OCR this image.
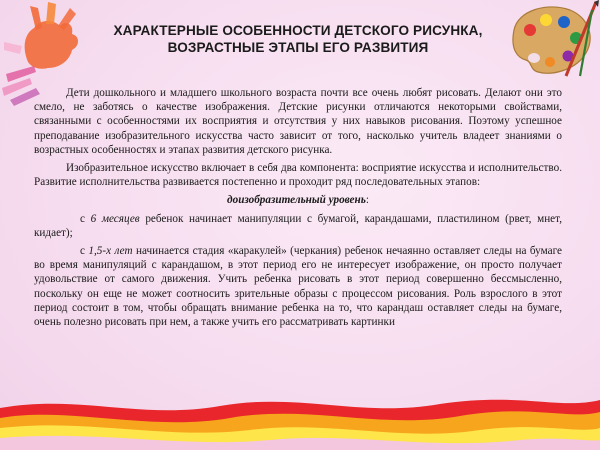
ХАРАКТЕРНЫЕ ОСОБЕННОСТИ ДЕТСКОГО РИСУНКА,
ВОЗРАСТНЫЕ ЭТАПЫ ЕГО РАЗВИТИЯ

Дети дошкольного и младшего школьного возраста почти все очень любят рисовать. Делают они это смело, не заботясь о качестве изображения. Детские рисунки отличаются некоторыми свойствами, связанными с особенностями их восприятия и отсутствия у них навыков рисования. Поэтому успешное преподавание изобразительного искусства часто зависит от того, насколько учитель владеет знаниями о возрастных особенностях и этапах развития детского рисунка.

Изобразительное искусство включает в себя два компонента: восприятие искусства и исполнительство. Развитие исполнительства развивается постепенно и проходит ряд последовательных этапов:

доизобразительный уровень:

с 6 месяцев ребенок начинает манипуляции с бумагой, карандашами, пластилином (рвет, мнет, кидает);

с 1,5-х лет начинается стадия «каракулей» (черкания) ребенок нечаянно оставляет следы на бумаге во время манипуляций с карандашом, в этот период его не интересует изображение, он просто получает удовольствие от самого движения. Учить ребенка рисовать в этот период совершенно бессмысленно, поскольку он еще не может соотносить зрительные образы с процессом рисования. Роль взрослого в этот период состоит в том, чтобы обращать внимание ребенка на то, что карандаш оставляет следы на бумаге, очень полезно рисовать при нем, а также учить его рассматривать картинки
